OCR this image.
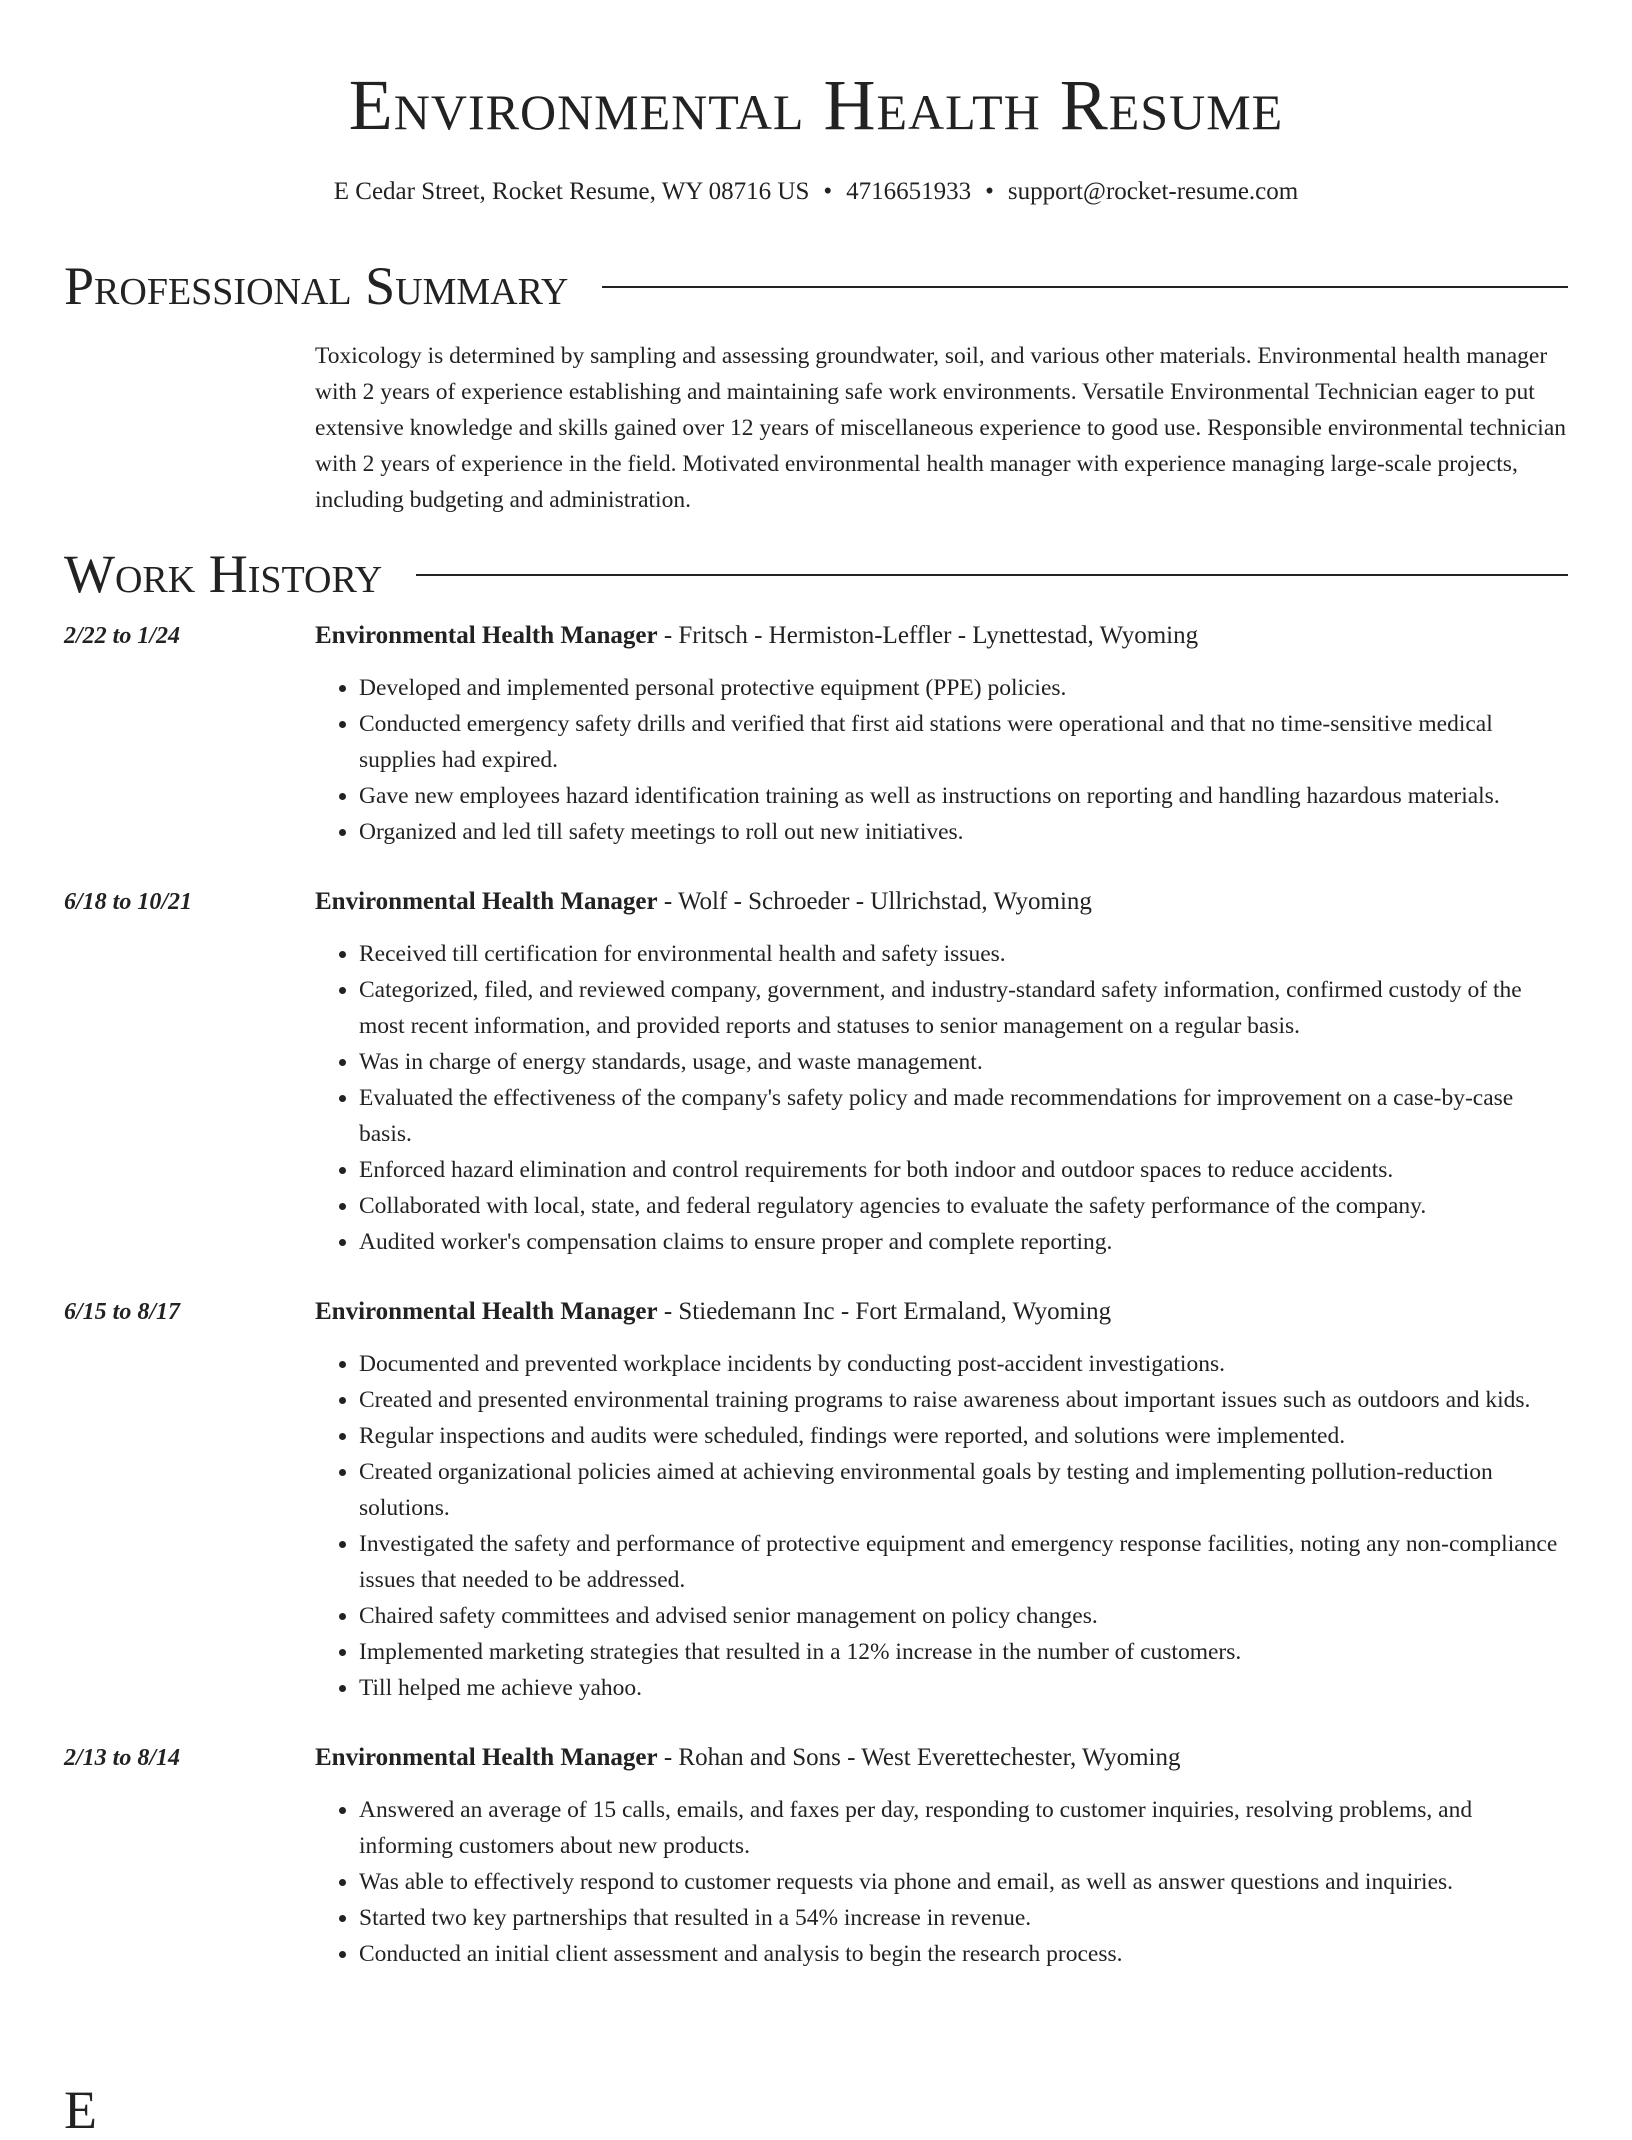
Environmental Health Resume
E Cedar Street, Rocket Resume, WY 08716 US • 4716651933 • support@rocket-resume.com
Professional Summary
Toxicology is determined by sampling and assessing groundwater, soil, and various other materials. Environmental health manager with 2 years of experience establishing and maintaining safe work environments. Versatile Environmental Technician eager to put extensive knowledge and skills gained over 12 years of miscellaneous experience to good use. Responsible environmental technician with 2 years of experience in the field. Motivated environmental health manager with experience managing large-scale projects, including budgeting and administration.
Work History
2/22 to 1/24	Environmental Health Manager - Fritsch - Hermiston-Leffler - Lynettestad, Wyoming
• Developed and implemented personal protective equipment (PPE) policies.
• Conducted emergency safety drills and verified that first aid stations were operational and that no time-sensitive medical supplies had expired.
• Gave new employees hazard identification training as well as instructions on reporting and handling hazardous materials.
• Organized and led till safety meetings to roll out new initiatives.
6/18 to 10/21	Environmental Health Manager - Wolf - Schroeder - Ullrichstad, Wyoming
• Received till certification for environmental health and safety issues.
• Categorized, filed, and reviewed company, government, and industry-standard safety information, confirmed custody of the most recent information, and provided reports and statuses to senior management on a regular basis.
• Was in charge of energy standards, usage, and waste management.
• Evaluated the effectiveness of the company's safety policy and made recommendations for improvement on a case-by-case basis.
• Enforced hazard elimination and control requirements for both indoor and outdoor spaces to reduce accidents.
• Collaborated with local, state, and federal regulatory agencies to evaluate the safety performance of the company.
• Audited worker's compensation claims to ensure proper and complete reporting.
6/15 to 8/17	Environmental Health Manager - Stiedemann Inc - Fort Ermaland, Wyoming
• Documented and prevented workplace incidents by conducting post-accident investigations.
• Created and presented environmental training programs to raise awareness about important issues such as outdoors and kids.
• Regular inspections and audits were scheduled, findings were reported, and solutions were implemented.
• Created organizational policies aimed at achieving environmental goals by testing and implementing pollution-reduction solutions.
• Investigated the safety and performance of protective equipment and emergency response facilities, noting any non-compliance issues that needed to be addressed.
• Chaired safety committees and advised senior management on policy changes.
• Implemented marketing strategies that resulted in a 12% increase in the number of customers.
• Till helped me achieve yahoo.
2/13 to 8/14	Environmental Health Manager - Rohan and Sons - West Everettechester, Wyoming
• Answered an average of 15 calls, emails, and faxes per day, responding to customer inquiries, resolving problems, and informing customers about new products.
• Was able to effectively respond to customer requests via phone and email, as well as answer questions and inquiries.
• Started two key partnerships that resulted in a 54% increase in revenue.
• Conducted an initial client assessment and analysis to begin the research process.
E
